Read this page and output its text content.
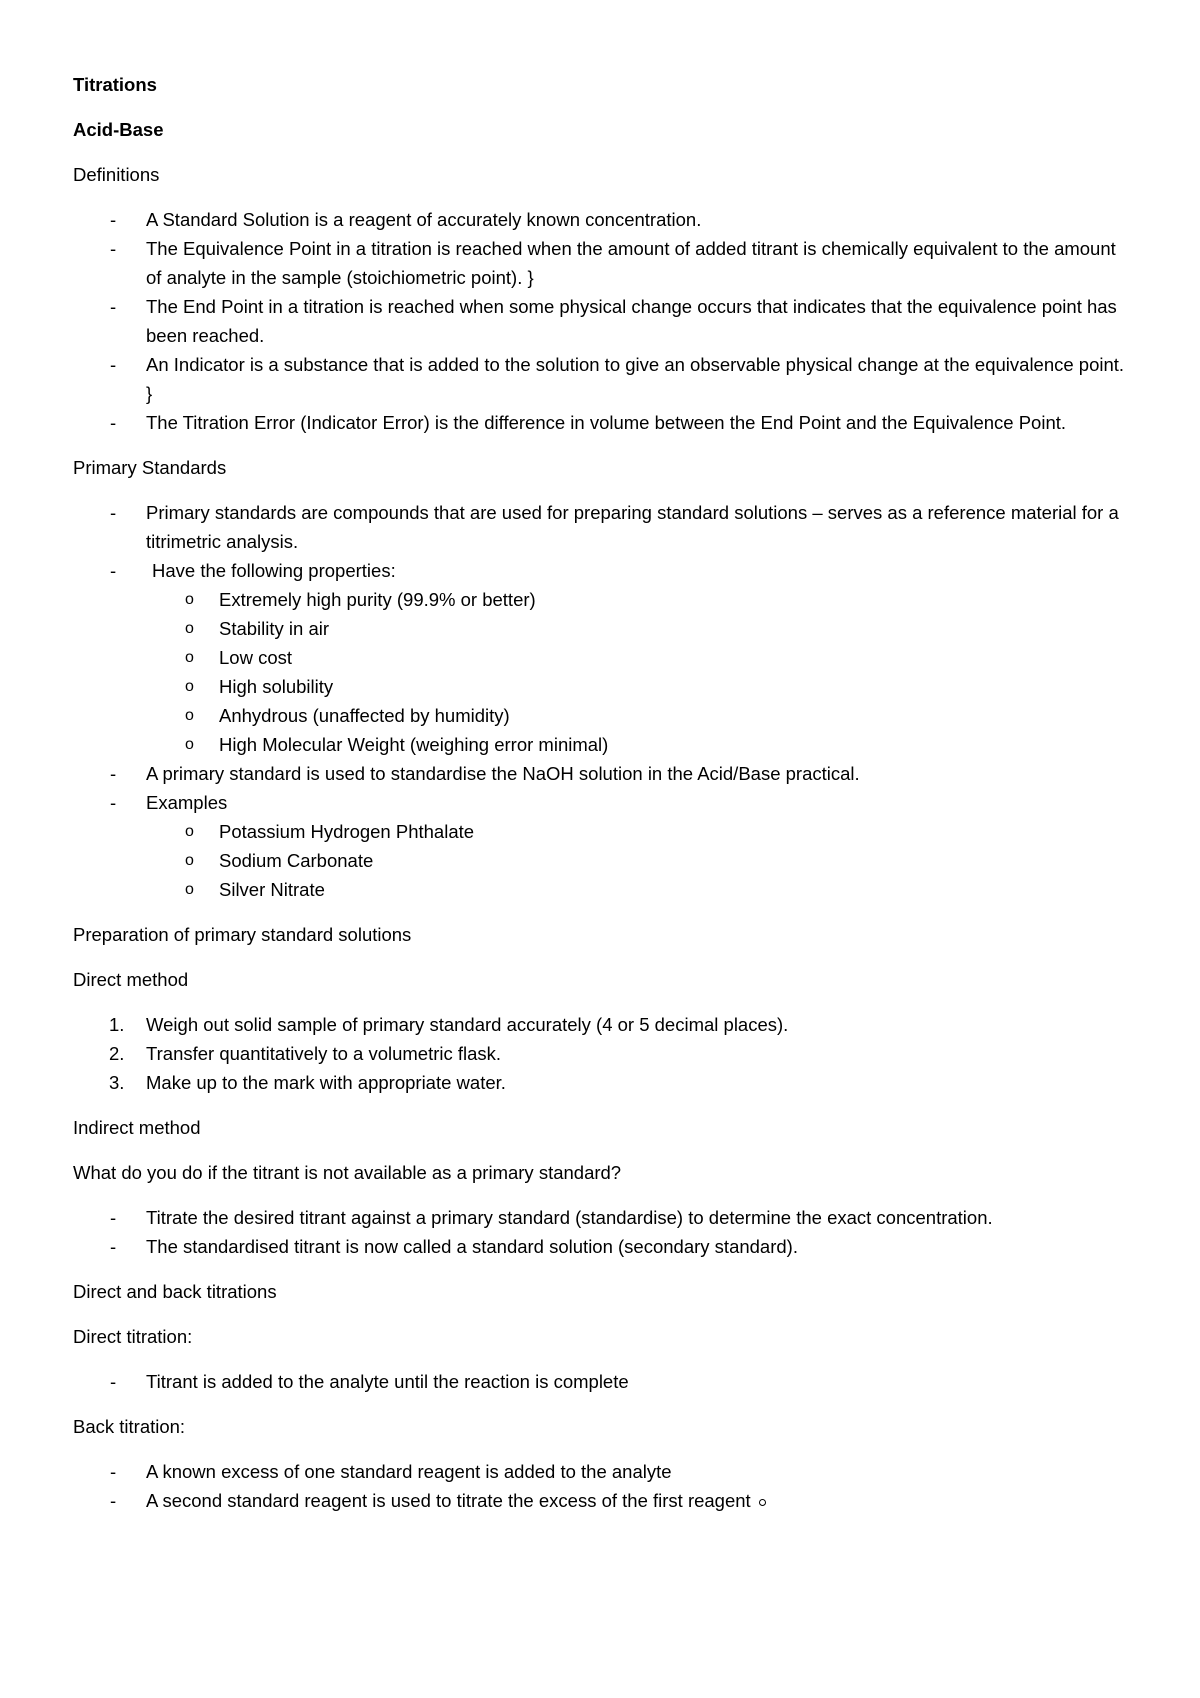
Titrations

Acid-Base

Definitions

- A Standard Solution is a reagent of accurately known concentration.
- The Equivalence Point in a titration is reached when the amount of added titrant is chemically equivalent to the amount of analyte in the sample (stoichiometric point). }
- The End Point in a titration is reached when some physical change occurs that indicates that the equivalence point has been reached.
- An Indicator is a substance that is added to the solution to give an observable physical change at the equivalence point. }
- The Titration Error (Indicator Error) is the difference in volume between the End Point and the Equivalence Point.

Primary Standards

- Primary standards are compounds that are used for preparing standard solutions – serves as a reference material for a titrimetric analysis.
- Have the following properties:
o Extremely high purity (99.9% or better)
o Stability in air
o Low cost
o High solubility
o Anhydrous (unaffected by humidity)
o High Molecular Weight (weighing error minimal)
- A primary standard is used to standardise the NaOH solution in the Acid/Base practical.
- Examples
o Potassium Hydrogen Phthalate
o Sodium Carbonate
o Silver Nitrate

Preparation of primary standard solutions

Direct method

1. Weigh out solid sample of primary standard accurately (4 or 5 decimal places).
2. Transfer quantitatively to a volumetric flask.
3. Make up to the mark with appropriate water.

Indirect method

What do you do if the titrant is not available as a primary standard?

- Titrate the desired titrant against a primary standard (standardise) to determine the exact concentration.
- The standardised titrant is now called a standard solution (secondary standard).

Direct and back titrations

Direct titration:

- Titrant is added to the analyte until the reaction is complete

Back titration:

- A known excess of one standard reagent is added to the analyte
- A second standard reagent is used to titrate the excess of the first reagent
